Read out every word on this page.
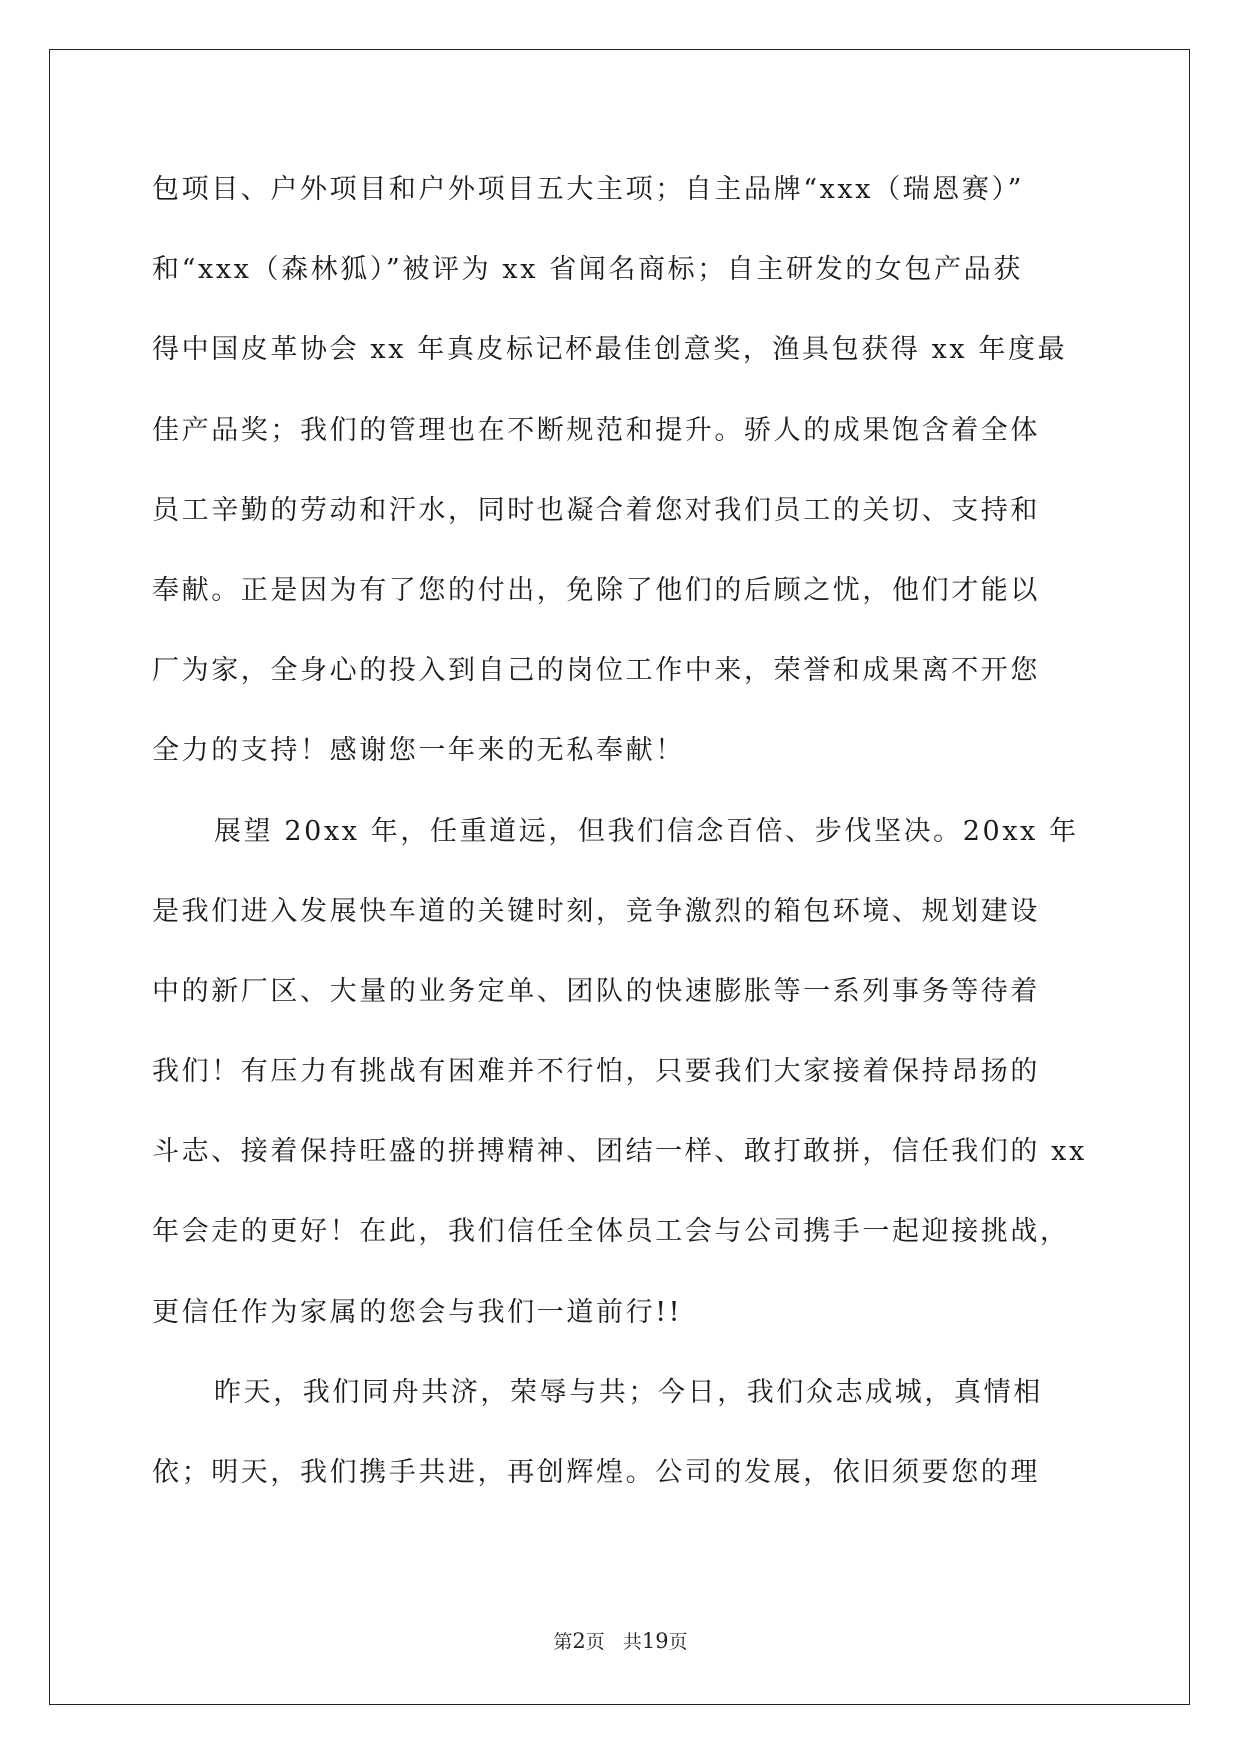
包项目、户外项目和户外项目五大主项；自主品牌“xxx（瑞恩赛）”
和“xxx（森林狐）”被评为 xx 省闻名商标；自主研发的女包产品获
得中国皮革协会 xx 年真皮标记杯最佳创意奖，渔具包获得 xx 年度最
佳产品奖；我们的管理也在不断规范和提升。骄人的成果饱含着全体
员工辛勤的劳动和汗水，同时也凝合着您对我们员工的关切、支持和
奉献。正是因为有了您的付出，免除了他们的后顾之忧，他们才能以
厂为家，全身心的投入到自己的岗位工作中来，荣誉和成果离不开您
全力的支持！感谢您一年来的无私奉献！
展望 20xx 年，任重道远，但我们信念百倍、步伐坚决。20xx 年
是我们进入发展快车道的关键时刻，竞争激烈的箱包环境、规划建设
中的新厂区、大量的业务定单、团队的快速膨胀等一系列事务等待着
我们！有压力有挑战有困难并不行怕，只要我们大家接着保持昂扬的
斗志、接着保持旺盛的拼搏精神、团结一样、敢打敢拼，信任我们的 xx
年会走的更好！在此，我们信任全体员工会与公司携手一起迎接挑战，
更信任作为家属的您会与我们一道前行!!
昨天，我们同舟共济，荣辱与共；今日，我们众志成城，真情相
依；明天，我们携手共进，再创辉煌。公司的发展，依旧须要您的理
第2页 共19页
